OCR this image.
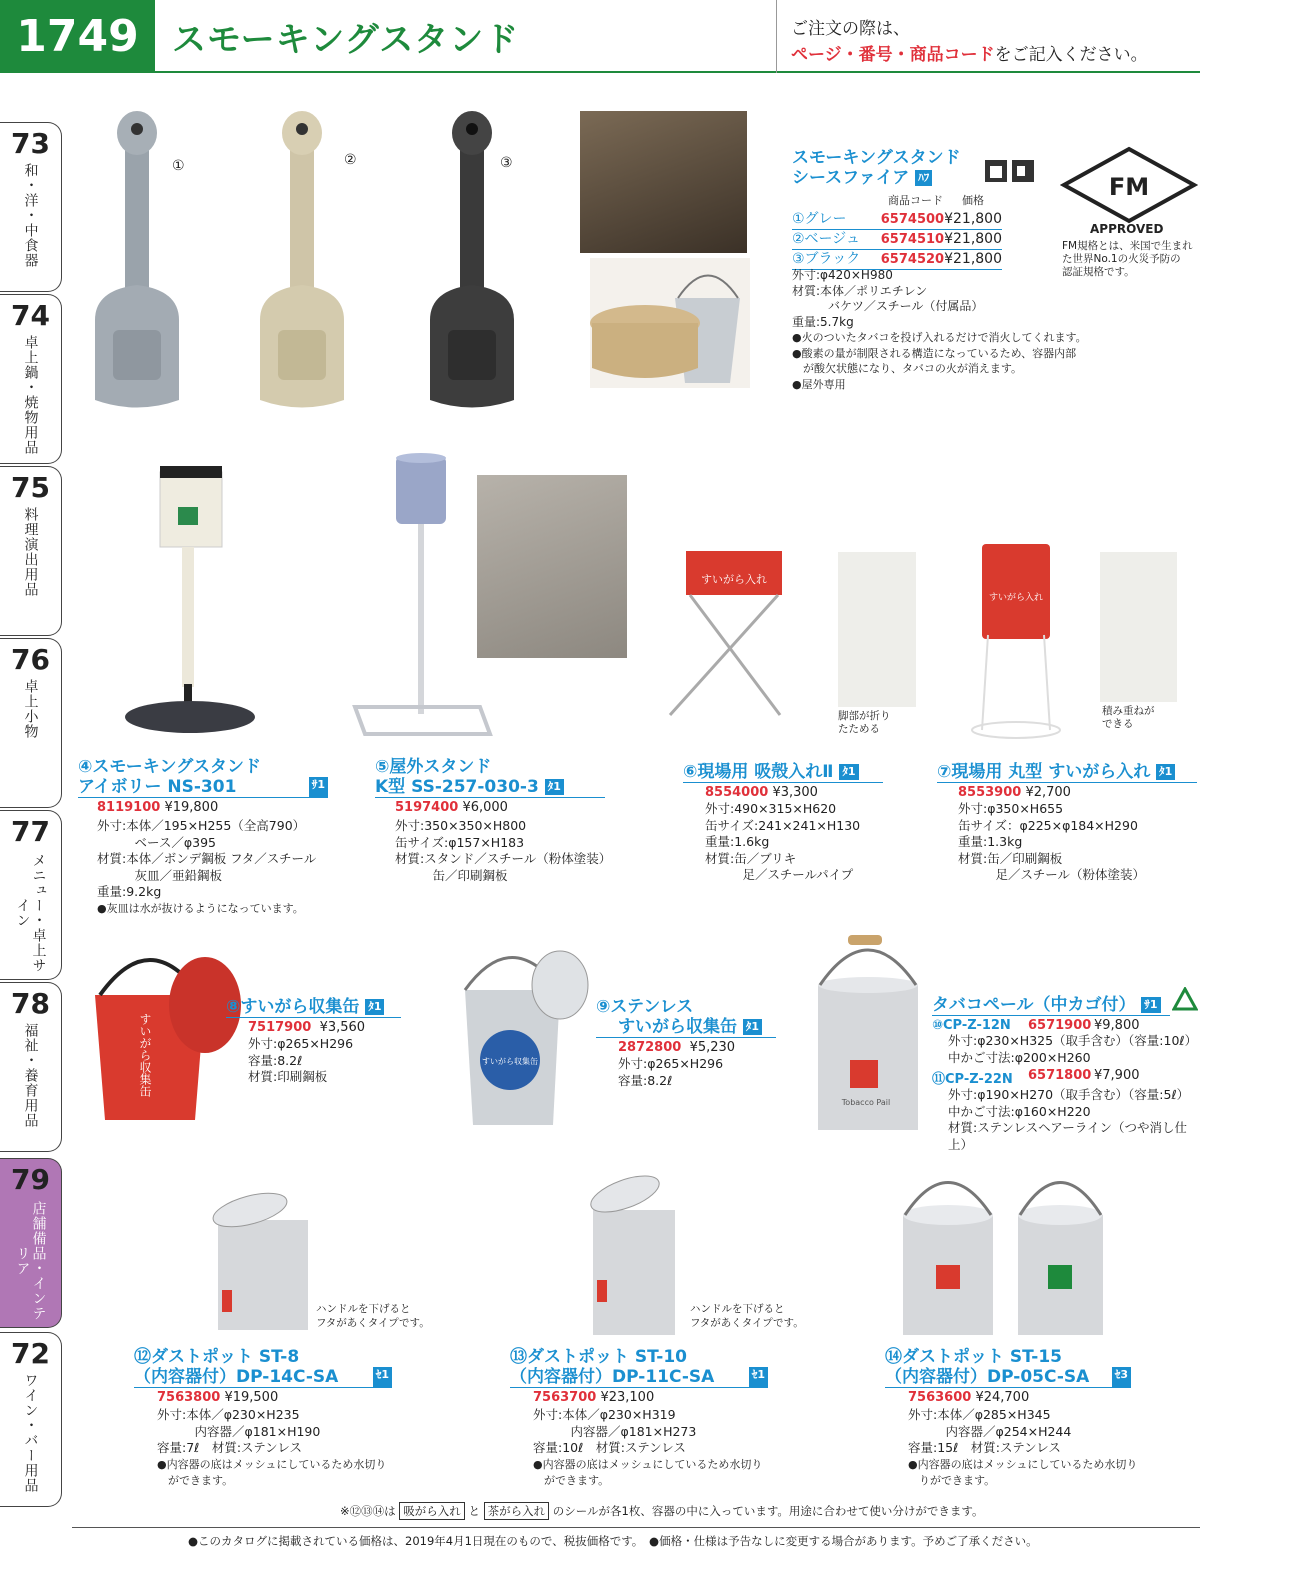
1749 スモーキングスタンド	ご注文の際は、
ページ・番号・商品コードをご記入ください。
73
和・洋・中食器
74
卓上鍋・焼物用品
75
料理演出用品
76
卓上小物
77
メニュー・卓上サイン
78
福祉・養育用品
79
店舗備品・インテリア
72
ワイン・バー用品
①	②	③	スモーキングスタンド
シースファイア ﾊﾌ
商品コード 価格
①グレー	6574500 ¥21,800
②ベージュ	6574510 ¥21,800
③ブラック	6574520 ¥21,800
外寸:φ420×H980
材質:本体／ポリエチレン
　　　バケツ／スチール（付属品）
重量:5.7kg
●火のついたタバコを投げ入れるだけで消火してくれます。
●酸素の量が制限される構造になっているため、容器内部
　が酸欠状態になり、タバコの火が消えます。
●屋外専用
FM
APPROVED
FM規格とは、米国で生まれ
た世界No.1の火災予防の
認証規格です。
すいがら入れ
脚部が折り
たためる
すいがら入れ
積み重ねが
できる
④スモーキングスタンド
アイボリー NS-301	ｻ1
8119100 ¥19,800
外寸:本体／195×H255（全高790）
　　　ベース／φ395
材質:本体／ボンデ鋼板 フタ／スチール
　　　灰皿／亜鉛鋼板
重量:9.2kg
●灰皿は水が抜けるようになっています。
⑤屋外スタンド
K型 SS-257-030-3
ﾀ1
5197400 ¥6,000
外寸:350×350×H800
缶サイズ:φ157×H183
材質:スタンド／スチール（粉体塗装）
　　　缶／印刷鋼板
⑥現場用 吸殻入れⅡ ﾀ1
8554000 ¥3,300
外寸:490×315×H620
缶サイズ:241×241×H130
重量:1.6kg
材質:缶／ブリキ
　　　足／スチールパイプ
⑦現場用 丸型 すいがら入れ ﾀ1
8553900 ¥2,700
外寸:φ350×H655
缶サイズ：φ225×φ184×H290
重量:1.3kg
材質:缶／印刷鋼板
　　　足／スチール（粉体塗装）
すいがら収集缶
⑧すいがら収集缶 ﾀ1
7517900 ¥3,560
外寸:φ265×H296
容量:8.2ℓ
材質:印刷鋼板
すいがら収集缶
⑨ステンレス
すいがら収集缶 ﾀ1
2872800 ¥5,230
外寸:φ265×H296
容量:8.2ℓ
Tobacco Pail
タバコペール（中カゴ付） ｻ1
⑩CP-Z-12N	6571900 ¥9,800
外寸:φ230×H325（取手含む）（容量:10ℓ）
中かご寸法:φ200×H260
⑪CP-Z-22N	6571800 ¥7,900
外寸:φ190×H270（取手含む）（容量:5ℓ）
中かご寸法:φ160×H220
材質:ステンレスヘアーライン（つや消し仕上）
ハンドルを下げると
フタがあくタイプです。
⑫ダストポット ST-8
（内容器付）DP-14C-SA	ｾ1
7563800 ¥19,500
外寸:本体／φ230×H235
　　　内容器／φ181×H190
容量:7ℓ　材質:ステンレス
●内容器の底はメッシュにしているため水切り
　ができます。
ハンドルを下げると
フタがあくタイプです。
⑬ダストポット ST-10
（内容器付）DP-11C-SA	ｾ1
7563700 ¥23,100
外寸:本体／φ230×H319
　　　内容器／φ181×H273
容量:10ℓ　材質:ステンレス
●内容器の底はメッシュにしているため水切り
　ができます。
⑭ダストポット ST-15
（内容器付）DP-05C-SA ｾ3
7563600 ¥24,700
外寸:本体／φ285×H345
　　　内容器／φ254×H244
容量:15ℓ　材質:ステンレス
●内容器の底はメッシュにしているため水切り
　りができます。
※⑫⑬⑭は 吸がら入れ と 茶がら入れ のシールが各1枚、容器の中に入っています。用途に合わせて使い分けができます。
●このカタログに掲載されている価格は、2019年4月1日現在のもので、税抜価格です。　●価格・仕様は予告なしに変更する場合があります。予めご了承ください。
